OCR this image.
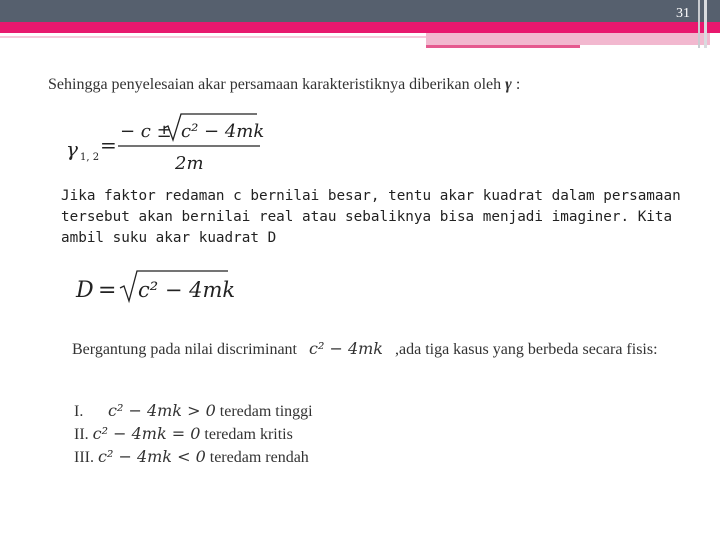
31
Sehingga penyelesaian akar persamaan karakteristiknya diberikan oleh γ :
γ 1, 2
=
− c ± c² − 4mk
2m
Jika faktor redaman c bernilai besar, tentu akar kuadrat dalam persamaan tersebut akan bernilai real atau sebaliknya bisa menjadi imaginer. Kita ambil suku akar kuadrat D
D = c² − 4mk
Bergantung pada nilai discriminant c² − 4mk ,ada tiga kasus yang berbeda secara fisis:
I. c² − 4mk > 0 teredam tinggi
II. c² − 4mk = 0 teredam kritis
III. c² − 4mk < 0 teredam rendah
